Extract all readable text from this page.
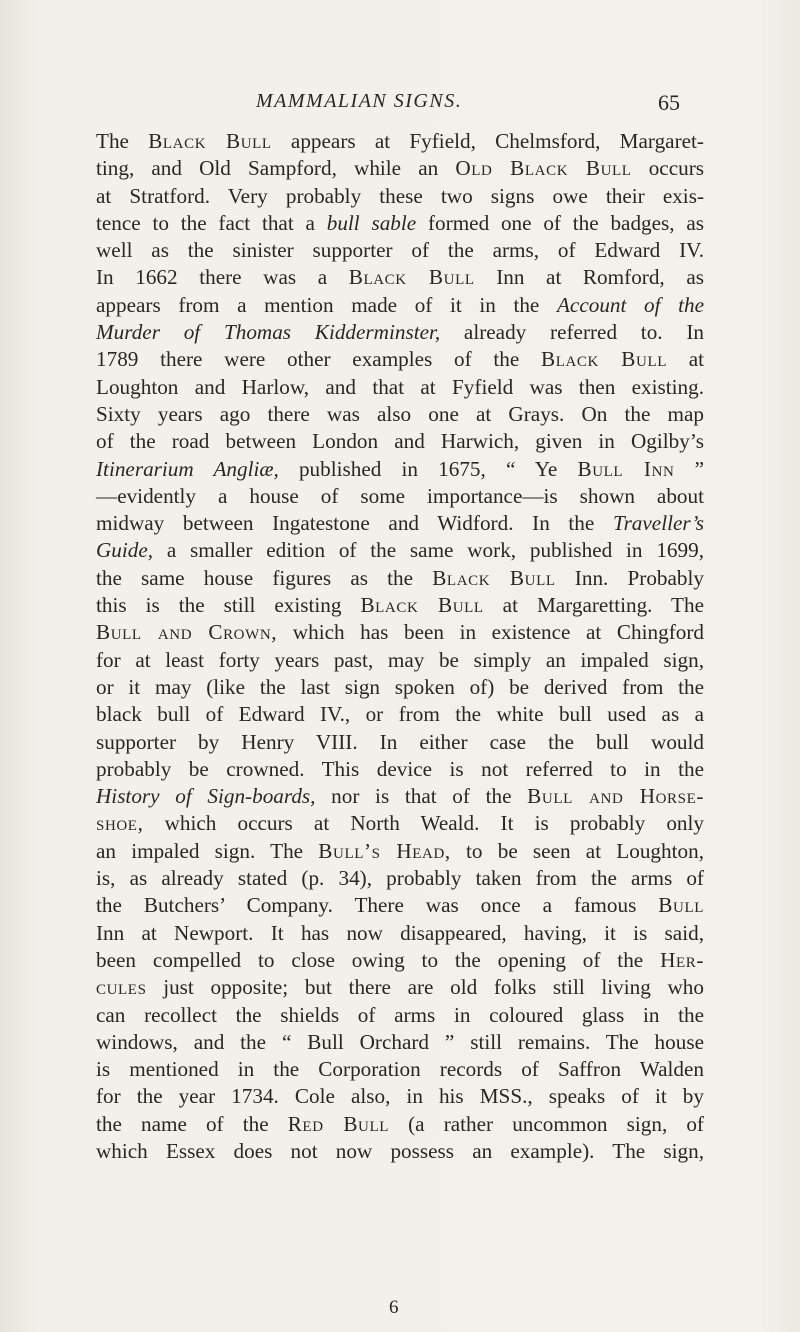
MAMMALIAN SIGNS.	65
The Black Bull appears at Fyfield, Chelmsford, Margaret-
ting, and Old Sampford, while an Old Black Bull occurs
at Stratford. Very probably these two signs owe their exis-
tence to the fact that a bull sable formed one of the badges, as
well as the sinister supporter of the arms, of Edward IV.
In 1662 there was a Black Bull Inn at Romford, as
appears from a mention made of it in the Account of the
Murder of Thomas Kidderminster, already referred to. In
1789 there were other examples of the Black Bull at
Loughton and Harlow, and that at Fyfield was then existing.
Sixty years ago there was also one at Grays. On the map
of the road between London and Harwich, given in Ogilby’s
Itinerarium Angliæ, published in 1675, “ Ye Bull Inn ”
—evidently a house of some importance—is shown about
midway between Ingatestone and Widford. In the Traveller’s
Guide, a smaller edition of the same work, published in 1699,
the same house figures as the Black Bull Inn. Probably
this is the still existing Black Bull at Margaretting. The
Bull and Crown, which has been in existence at Chingford
for at least forty years past, may be simply an impaled sign,
or it may (like the last sign spoken of) be derived from the
black bull of Edward IV., or from the white bull used as a
supporter by Henry VIII. In either case the bull would
probably be crowned. This device is not referred to in the
History of Sign-boards, nor is that of the Bull and Horse-
shoe, which occurs at North Weald. It is probably only
an impaled sign. The Bull’s Head, to be seen at Loughton,
is, as already stated (p. 34), probably taken from the arms of
the Butchers’ Company. There was once a famous Bull
Inn at Newport. It has now disappeared, having, it is said,
been compelled to close owing to the opening of the Her-
cules just opposite; but there are old folks still living who
can recollect the shields of arms in coloured glass in the
windows, and the “ Bull Orchard ” still remains. The house
is mentioned in the Corporation records of Saffron Walden
for the year 1734. Cole also, in his MSS., speaks of it by
the name of the Red Bull (a rather uncommon sign, of
which Essex does not now possess an example). The sign,
6
